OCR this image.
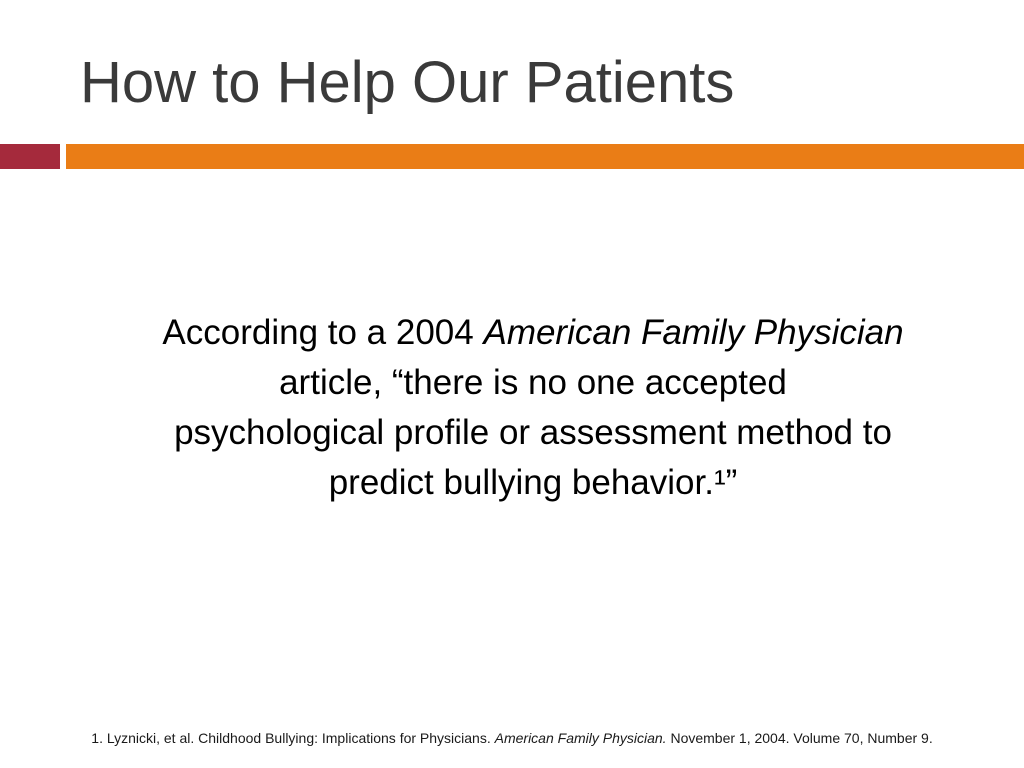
How to Help Our Patients

According to a 2004 American Family Physician
article, “there is no one accepted
psychological profile or assessment method to
predict bullying behavior.¹”

1. Lyznicki, et al. Childhood Bullying: Implications for Physicians. American Family Physician. November 1, 2004. Volume 70, Number 9.
